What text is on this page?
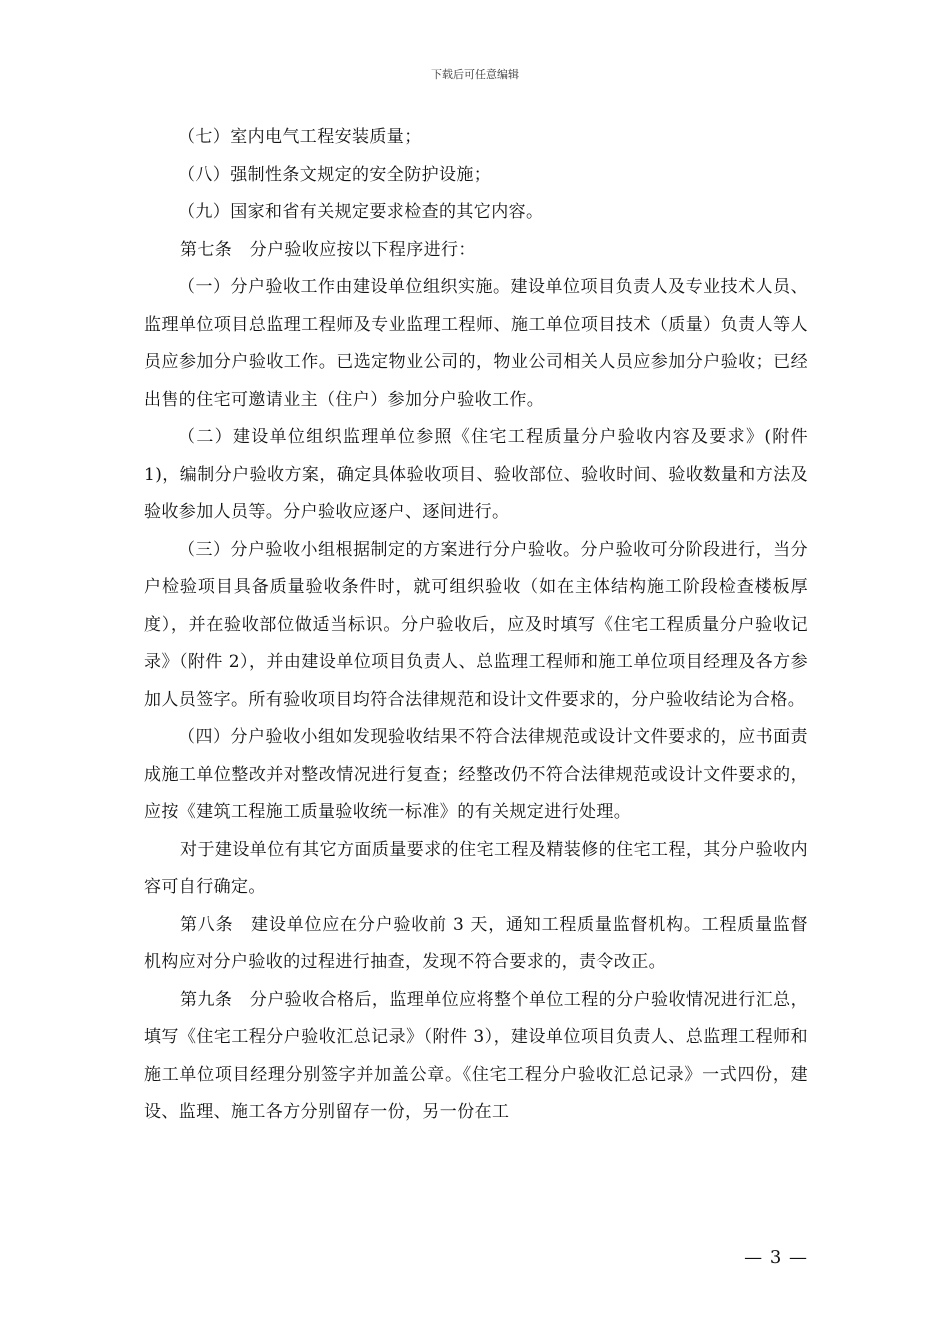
下载后可任意编辑

（七）室内电气工程安装质量；

（八）强制性条文规定的安全防护设施；

（九）国家和省有关规定要求检查的其它内容。

第七条　分户验收应按以下程序进行：

（一）分户验收工作由建设单位组织实施。建设单位项目负责人及专业技术人员、监理单位项目总监理工程师及专业监理工程师、施工单位项目技术（质量）负责人等人员应参加分户验收工作。已选定物业公司的，物业公司相关人员应参加分户验收；已经出售的住宅可邀请业主（住户）参加分户验收工作。

（二）建设单位组织监理单位参照《住宅工程质量分户验收内容及要求》(附件 1)，编制分户验收方案，确定具体验收项目、验收部位、验收时间、验收数量和方法及验收参加人员等。分户验收应逐户、逐间进行。

（三）分户验收小组根据制定的方案进行分户验收。分户验收可分阶段进行，当分户检验项目具备质量验收条件时，就可组织验收（如在主体结构施工阶段检查楼板厚度），并在验收部位做适当标识。分户验收后，应及时填写《住宅工程质量分户验收记录》（附件 2），并由建设单位项目负责人、总监理工程师和施工单位项目经理及各方参加人员签字。所有验收项目均符合法律规范和设计文件要求的，分户验收结论为合格。

（四）分户验收小组如发现验收结果不符合法律规范或设计文件要求的，应书面责成施工单位整改并对整改情况进行复查；经整改仍不符合法律规范或设计文件要求的，应按《建筑工程施工质量验收统一标准》的有关规定进行处理。

对于建设单位有其它方面质量要求的住宅工程及精装修的住宅工程，其分户验收内容可自行确定。

第八条　建设单位应在分户验收前 3 天，通知工程质量监督机构。工程质量监督机构应对分户验收的过程进行抽查，发现不符合要求的，责令改正。

第九条　分户验收合格后，监理单位应将整个单位工程的分户验收情况进行汇总，填写《住宅工程分户验收汇总记录》（附件 3），建设单位项目负责人、总监理工程师和施工单位项目经理分别签字并加盖公章。《住宅工程分户验收汇总记录》一式四份，建设、监理、施工各方分别留存一份，另一份在工

— 3 —
